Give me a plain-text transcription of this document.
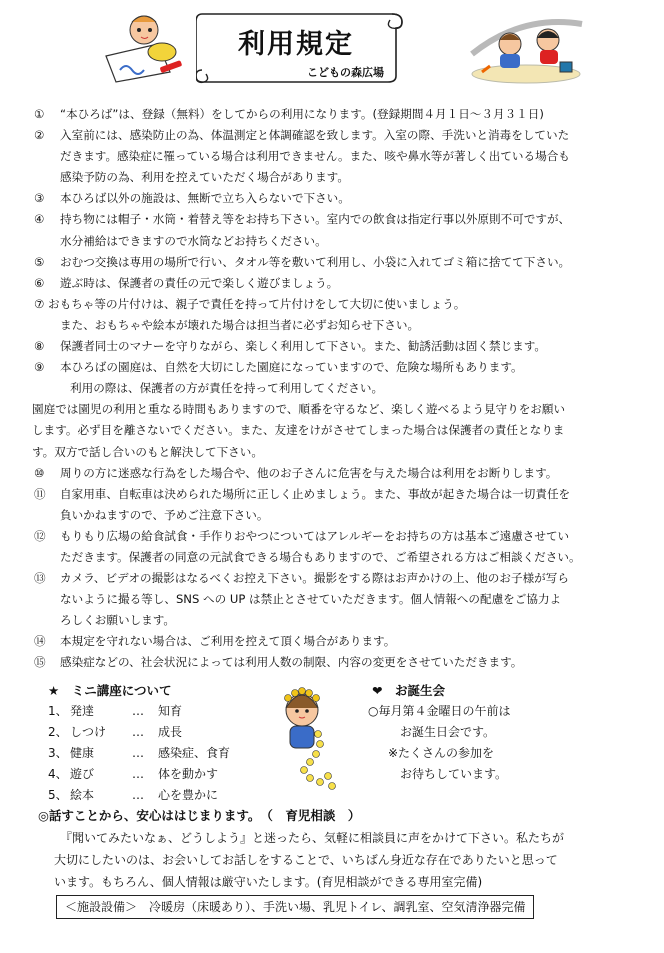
利用規定
こどもの森広場
①	“本ひろば”は、登録（無料）をしてからの利用になります。(登録期間４月１日～３月３１日)
②	入室前には、感染防止の為、体温測定と体調確認を致します。入室の際、手洗いと消毒をしていた
だきます。感染症に罹っている場合は利用できません。また、咳や鼻水等が著しく出ている場合も
感染予防の為、利用を控えていただく場合があります。
③	本ひろば以外の施設は、無断で立ち入らないで下さい。
④	持ち物には帽子・水筒・着替え等をお持ち下さい。室内での飲食は指定行事以外原則不可ですが、
水分補給はできますので水筒などお持ちください。
⑤	おむつ交換は専用の場所で行い、タオル等を敷いて利用し、小袋に入れてゴミ箱に捨てて下さい。
⑥	遊ぶ時は、保護者の責任の元で楽しく遊びましょう。
⑦ おもちゃ等の片付けは、親子で責任を持って片付けをして大切に使いましょう。
また、おもちゃや絵本が壊れた場合は担当者に必ずお知らせ下さい。
⑧	保護者同士のマナーを守りながら、楽しく利用して下さい。また、勧誘活動は固く禁じます。
⑨	本ひろばの園庭は、自然を大切にした園庭になっていますので、危険な場所もあります。
利用の際は、保護者の方が責任を持って利用してください。
園庭では園児の利用と重なる時間もありますので、順番を守るなど、楽しく遊べるよう見守りをお願い
します。必ず目を離さないでください。また、友達をけがさせてしまった場合は保護者の責任となりま
す。双方で話し合いのもと解決して下さい。
⑩	周りの方に迷惑な行為をした場合や、他のお子さんに危害を与えた場合は利用をお断りします。
⑪	自家用車、自転車は決められた場所に正しく止めましょう。また、事故が起きた場合は一切責任を
負いかねますので、予めご注意下さい。
⑫	もりもり広場の給食試食・手作りおやつについてはアレルギーをお持ちの方は基本ご遠慮させてい
ただきます。保護者の同意の元試食できる場合もありますので、ご希望される方はご相談ください。
⑬	カメラ、ビデオの撮影はなるべくお控え下さい。撮影をする際はお声かけの上、他のお子様が写ら
ないように撮る等し、SNS への UP は禁止とさせていただきます。個人情報への配慮をご協力よ
ろしくお願いします。
⑭	本規定を守れない場合は、ご利用を控えて頂く場合があります。
⑮	感染症などの、社会状況によっては利用人数の制限、内容の変更をさせていただきます。
★　ミニ講座について
1、 発達	…	知育
2、 しつけ	…	成長
3、 健康	…	感染症、食育
4、 遊び	…	体を動かす
5、 絵本	…	心を豊かに
❤　お誕生会
○毎月第４金曜日の午前は
お誕生日会です。
※たくさんの参加を
お待ちしています。
◎話すことから、安心ははじまります。　（　育児相談　）
『聞いてみたいなぁ、どうしよう』と迷ったら、気軽に相談員に声をかけて下さい。私たちが
大切にしたいのは、お会いしてお話しをすることで、いちばん身近な存在でありたいと思って
います。もちろん、個人情報は厳守いたします。(育児相談ができる専用室完備)
＜施設設備＞　冷暖房（床暖あり）、手洗い場、乳児トイレ、調乳室、空気清浄器完備
